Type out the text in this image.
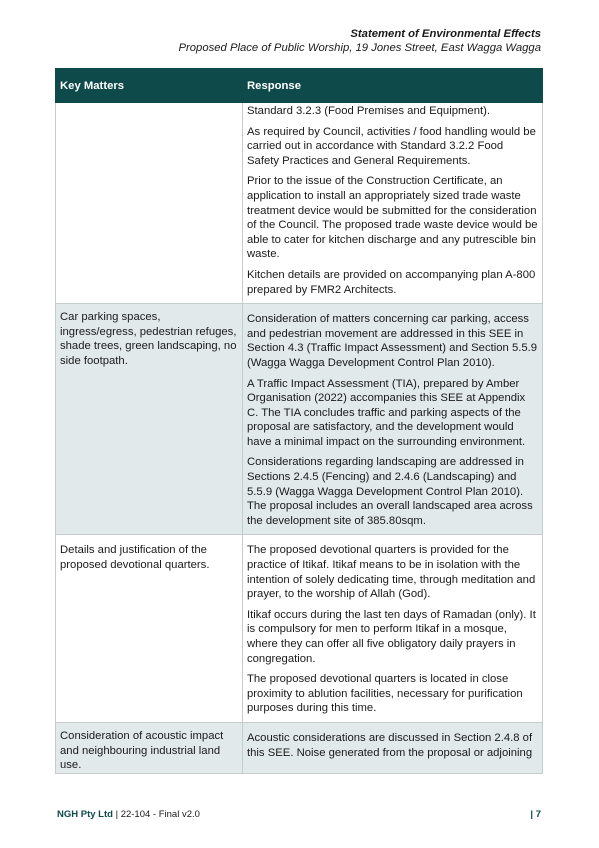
Statement of Environmental Effects
Proposed Place of Public Worship, 19 Jones Street, East Wagga Wagga
Key Matters	Response

	Standard 3.2.3 (Food Premises and Equipment).

As required by Council, activities / food handling would be carried out in accordance with Standard 3.2.2 Food Safety Practices and General Requirements.

Prior to the issue of the Construction Certificate, an application to install an appropriately sized trade waste treatment device would be submitted for the consideration of the Council. The proposed trade waste device would be able to cater for kitchen discharge and any putrescible bin waste.

Kitchen details are provided on accompanying plan A-800 prepared by FMR2 Architects.

Car parking spaces, ingress/egress, pedestrian refuges, shade trees, green landscaping, no side footpath.	Consideration of matters concerning car parking, access and pedestrian movement are addressed in this SEE in Section 4.3 (Traffic Impact Assessment) and Section 5.5.9 (Wagga Wagga Development Control Plan 2010).

A Traffic Impact Assessment (TIA), prepared by Amber Organisation (2022) accompanies this SEE at Appendix C. The TIA concludes traffic and parking aspects of the proposal are satisfactory, and the development would have a minimal impact on the surrounding environment.

Considerations regarding landscaping are addressed in Sections 2.4.5 (Fencing) and 2.4.6 (Landscaping) and 5.5.9 (Wagga Wagga Development Control Plan 2010). The proposal includes an overall landscaped area across the development site of 385.80sqm.

Details and justification of the proposed devotional quarters.	The proposed devotional quarters is provided for the practice of Itikaf. Itikaf means to be in isolation with the intention of solely dedicating time, through meditation and prayer, to the worship of Allah (God).

Itikaf occurs during the last ten days of Ramadan (only). It is compulsory for men to perform Itikaf in a mosque, where they can offer all five obligatory daily prayers in congregation.

The proposed devotional quarters is located in close proximity to ablution facilities, necessary for purification purposes during this time.

Consideration of acoustic impact and neighbouring industrial land use.	Acoustic considerations are discussed in Section 2.4.8 of this SEE. Noise generated from the proposal or adjoining

NGH Pty Ltd | 22-104 - Final v2.0	| 7
